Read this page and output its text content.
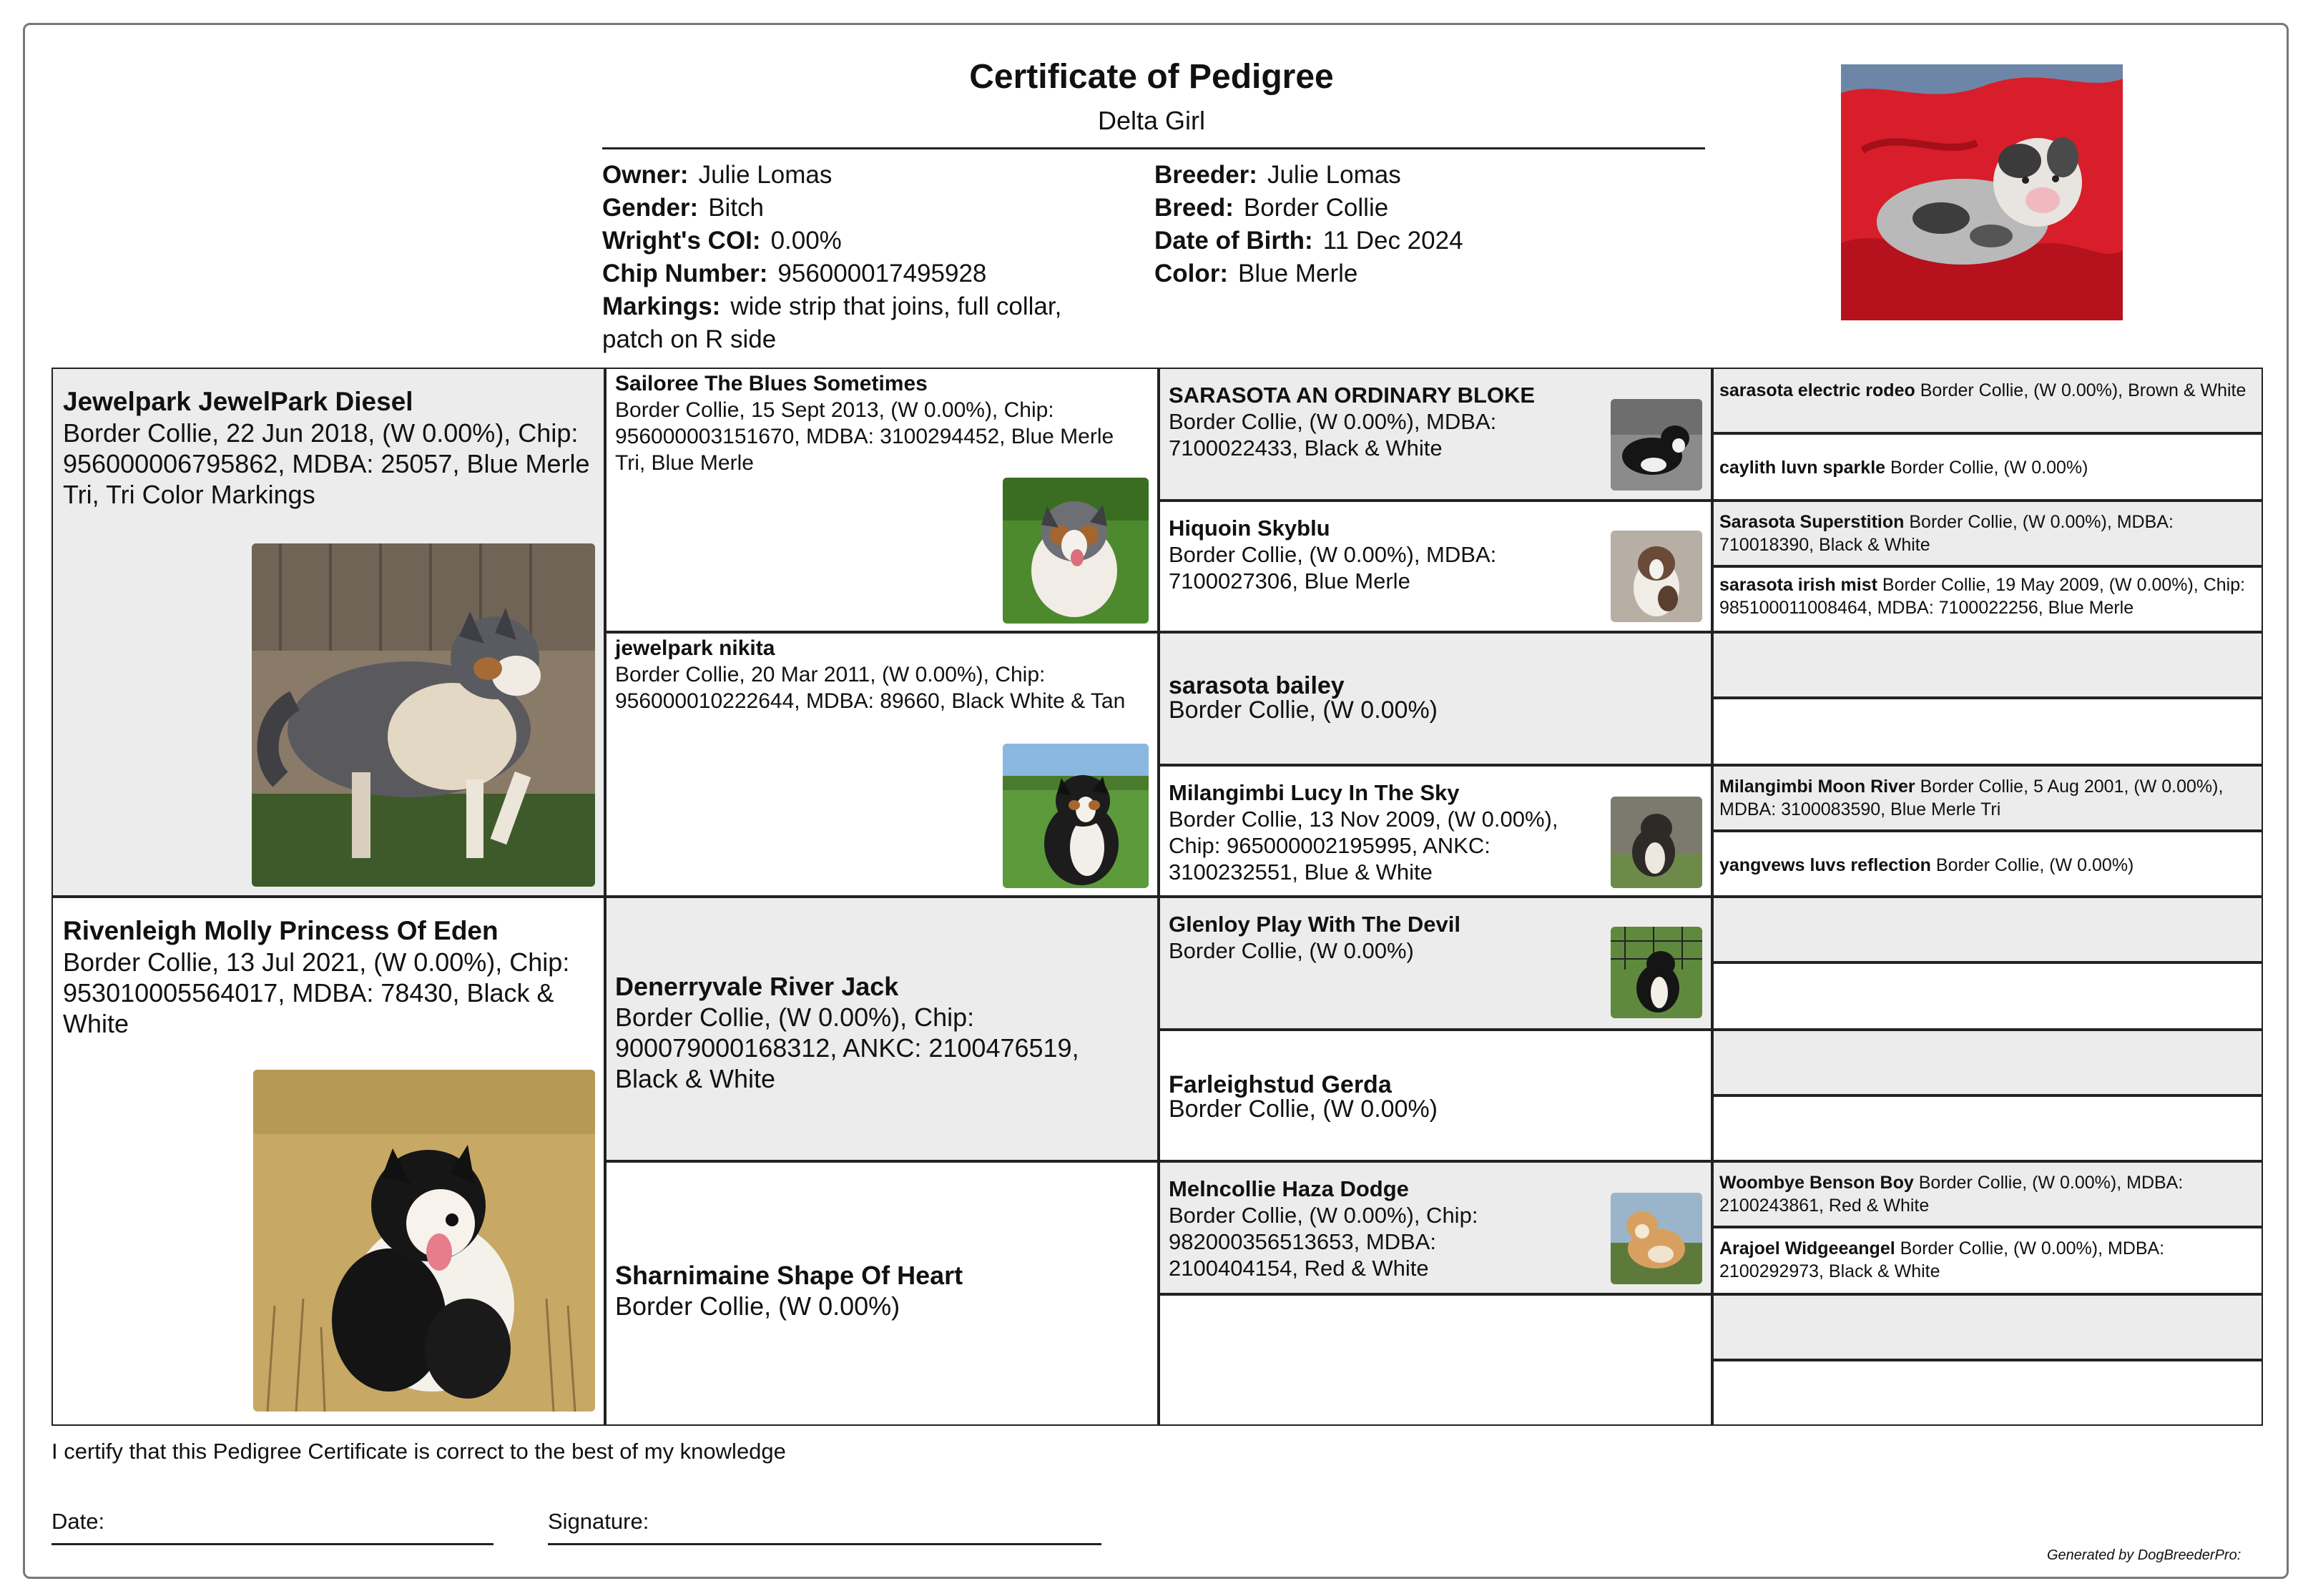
Certificate of Pedigree
Delta Girl
Owner: Julie Lomas
Gender: Bitch
Wright's COI: 0.00%
Chip Number: 956000017495928
Markings: wide strip that joins, full collar, patch on R side
Breeder: Julie Lomas
Breed: Border Collie
Date of Birth: 11 Dec 2024
Color: Blue Merle
Jewelpark JewelPark Diesel
Border Collie, 22 Jun 2018, (W 0.00%), Chip: 956000006795862, MDBA: 25057, Blue Merle Tri, Tri Color Markings
Rivenleigh Molly Princess Of Eden
Border Collie, 13 Jul 2021, (W 0.00%), Chip: 953010005564017, MDBA: 78430, Black & White
Sailoree The Blues Sometimes
Border Collie, 15 Sept 2013, (W 0.00%), Chip: 956000003151670, MDBA: 3100294452, Blue Merle Tri, Blue Merle
jewelpark nikita
Border Collie, 20 Mar 2011, (W 0.00%), Chip: 956000010222644, MDBA: 89660, Black White & Tan
Denerryvale River Jack
Border Collie, (W 0.00%), Chip: 900079000168312, ANKC: 2100476519, Black & White
Sharnimaine Shape Of Heart
Border Collie, (W 0.00%)
SARASOTA AN ORDINARY BLOKE
Border Collie, (W 0.00%), MDBA: 7100022433, Black & White
Hiquoin Skyblu
Border Collie, (W 0.00%), MDBA: 7100027306, Blue Merle
sarasota bailey
Border Collie, (W 0.00%)
Milangimbi Lucy In The Sky
Border Collie, 13 Nov 2009, (W 0.00%), Chip: 965000002195995, ANKC: 3100232551, Blue & White
Glenloy Play With The Devil
Border Collie, (W 0.00%)
Farleighstud Gerda
Border Collie, (W 0.00%)
Melncollie Haza Dodge
Border Collie, (W 0.00%), Chip: 982000356513653, MDBA: 2100404154, Red & White
sarasota electric rodeo Border Collie, (W 0.00%), Brown & White
caylith luvn sparkle Border Collie, (W 0.00%)
Sarasota Superstition Border Collie, (W 0.00%), MDBA: 710018390, Black & White
sarasota irish mist Border Collie, 19 May 2009, (W 0.00%), Chip: 985100011008464, MDBA: 7100022256, Blue Merle
Milangimbi Moon River Border Collie, 5 Aug 2001, (W 0.00%), MDBA: 3100083590, Blue Merle Tri
yangvews luvs reflection Border Collie, (W 0.00%)
Woombye Benson Boy Border Collie, (W 0.00%), MDBA: 2100243861, Red & White
Arajoel Widgeeangel Border Collie, (W 0.00%), MDBA: 2100292973, Black & White
I certify that this Pedigree Certificate is correct to the best of my knowledge
Date:	Signature:
Generated by DogBreederPro:
